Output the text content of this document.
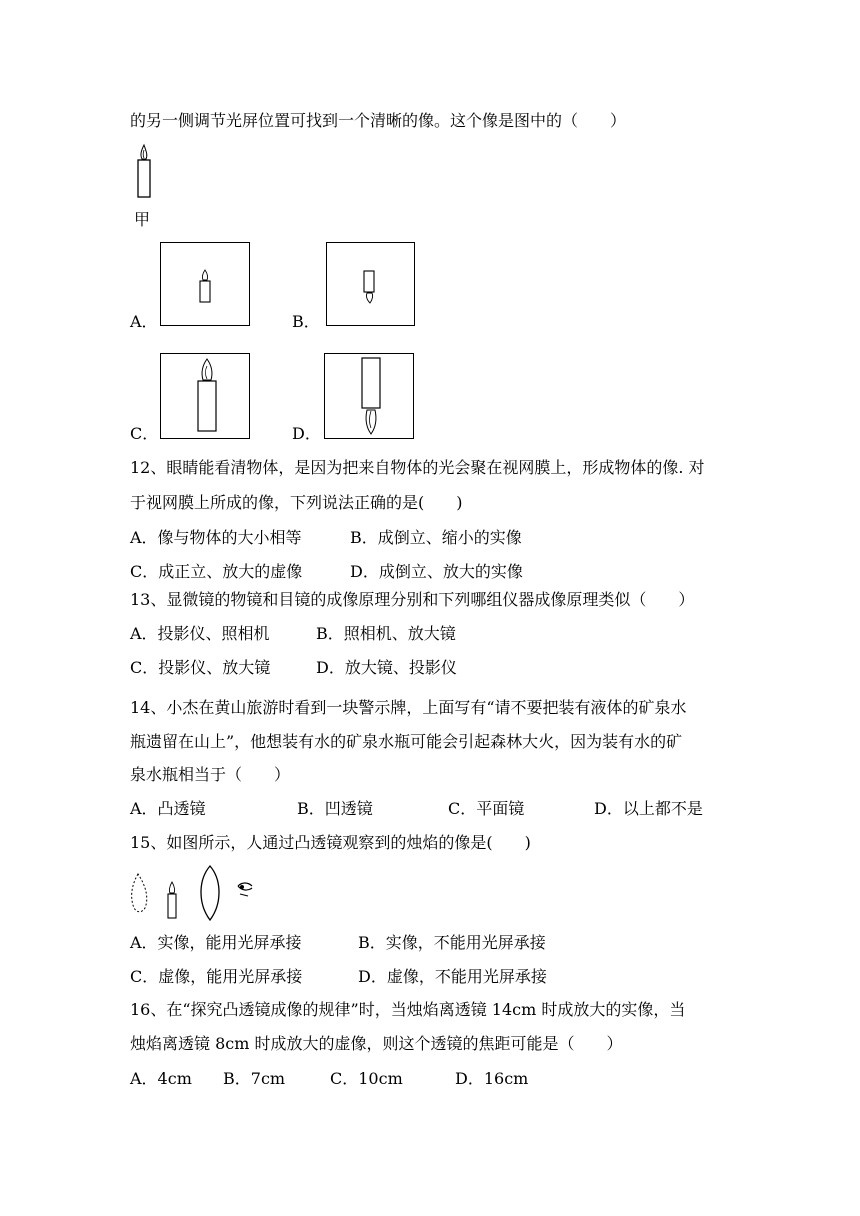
的另一侧调节光屏位置可找到一个清晰的像。这个像是图中的（　　）
甲
A．	B．
C．	D．
12、眼睛能看清物体，是因为把来自物体的光会聚在视网膜上，形成物体的像. 对
于视网膜上所成的像，下列说法正确的是(　　)
A．像与物体的大小相等	B．成倒立、缩小的实像
C．成正立、放大的虚像	D．成倒立、放大的实像
13、显微镜的物镜和目镜的成像原理分别和下列哪组仪器成像原理类似（　　）
A．投影仪、照相机	B．照相机、放大镜
C．投影仪、放大镜	D．放大镜、投影仪
14、小杰在黄山旅游时看到一块警示牌，上面写有“请不要把装有液体的矿泉水
瓶遗留在山上”，他想装有水的矿泉水瓶可能会引起森林大火，因为装有水的矿
泉水瓶相当于（　　）
A．凸透镜	B．凹透镜	C．平面镜	D．以上都不是
15、如图所示，人通过凸透镜观察到的烛焰的像是(　　)
A．实像，能用光屏承接	B．实像，不能用光屏承接
C．虚像，能用光屏承接	D．虚像，不能用光屏承接
16、在“探究凸透镜成像的规律”时，当烛焰离透镜 14cm 时成放大的实像，当
烛焰离透镜 8cm 时成放大的虚像，则这个透镜的焦距可能是（　　）
A．4cm B．7cm	C．10cm	D．16cm
